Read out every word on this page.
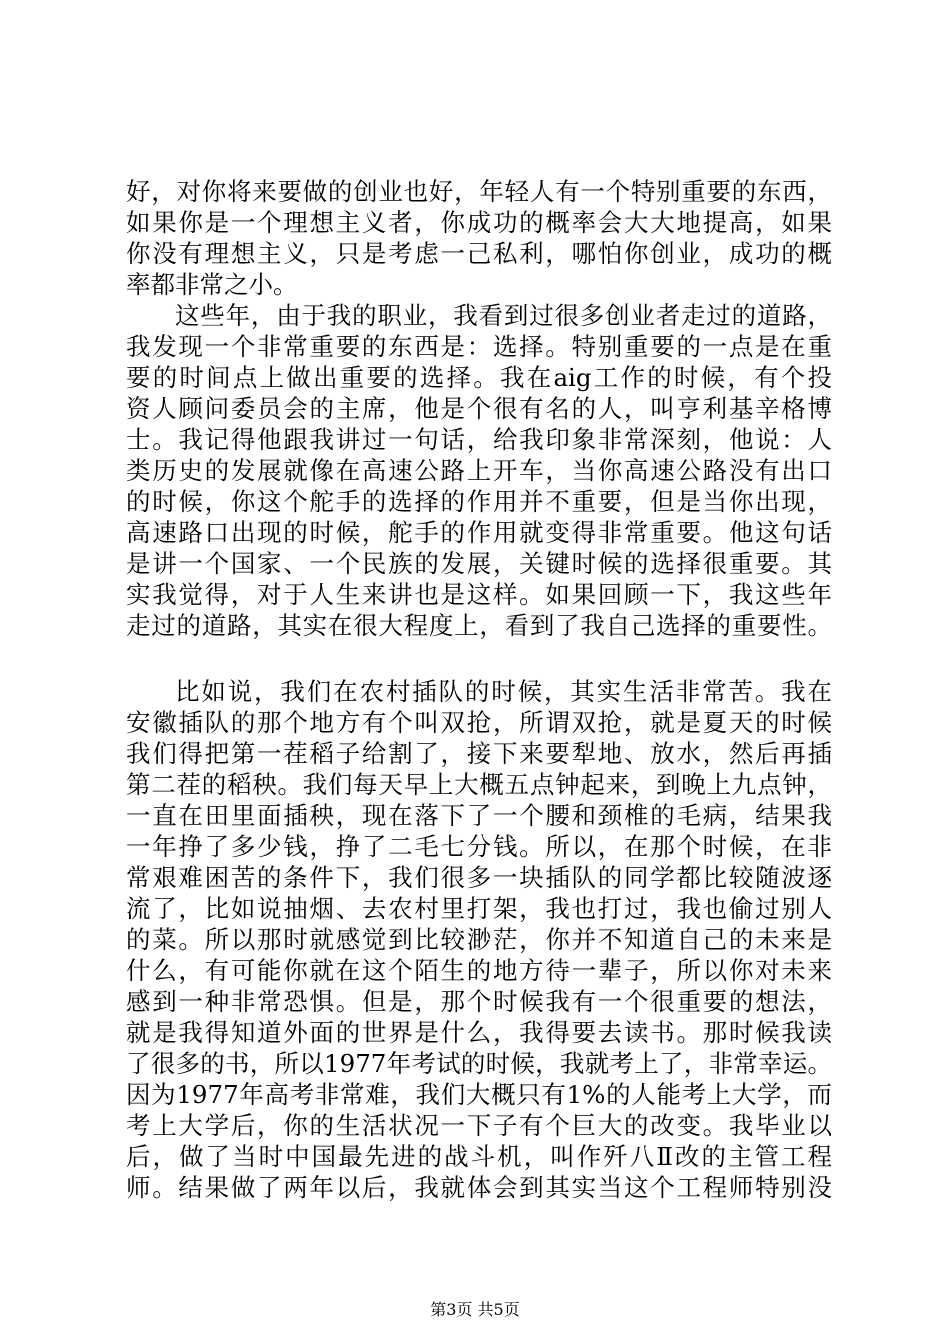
好，对你将来要做的创业也好，年轻人有一个特别重要的东西，
如果你是一个理想主义者，你成功的概率会大大地提高，如果
你没有理想主义，只是考虑一己私利，哪怕你创业，成功的概
率都非常之小。
这些年，由于我的职业，我看到过很多创业者走过的道路，
我发现一个非常重要的东西是：选择。特别重要的一点是在重
要的时间点上做出重要的选择。我在aig工作的时候，有个投
资人顾问委员会的主席，他是个很有名的人，叫亨利基辛格博
士。我记得他跟我讲过一句话，给我印象非常深刻，他说：人
类历史的发展就像在高速公路上开车，当你高速公路没有出口
的时候，你这个舵手的选择的作用并不重要，但是当你出现，
高速路口出现的时候，舵手的作用就变得非常重要。他这句话
是讲一个国家、一个民族的发展，关键时候的选择很重要。其
实我觉得，对于人生来讲也是这样。如果回顾一下，我这些年
走过的道路，其实在很大程度上，看到了我自己选择的重要性。
比如说，我们在农村插队的时候，其实生活非常苦。我在
安徽插队的那个地方有个叫双抢，所谓双抢，就是夏天的时候
我们得把第一茬稻子给割了，接下来要犁地、放水，然后再插
第二茬的稻秧。我们每天早上大概五点钟起来，到晚上九点钟，
一直在田里面插秧，现在落下了一个腰和颈椎的毛病，结果我
一年挣了多少钱，挣了二毛七分钱。所以，在那个时候，在非
常艰难困苦的条件下，我们很多一块插队的同学都比较随波逐
流了，比如说抽烟、去农村里打架，我也打过，我也偷过别人
的菜。所以那时就感觉到比较渺茫，你并不知道自己的未来是
什么，有可能你就在这个陌生的地方待一辈子，所以你对未来
感到一种非常恐惧。但是，那个时候我有一个很重要的想法，
就是我得知道外面的世界是什么，我得要去读书。那时候我读
了很多的书，所以1977年考试的时候，我就考上了，非常幸运。
因为1977年高考非常难，我们大概只有1%的人能考上大学，而
考上大学后，你的生活状况一下子有个巨大的改变。我毕业以
后，做了当时中国最先进的战斗机，叫作歼八Ⅱ改的主管工程
师。结果做了两年以后，我就体会到其实当这个工程师特别没
第3页 共5页
